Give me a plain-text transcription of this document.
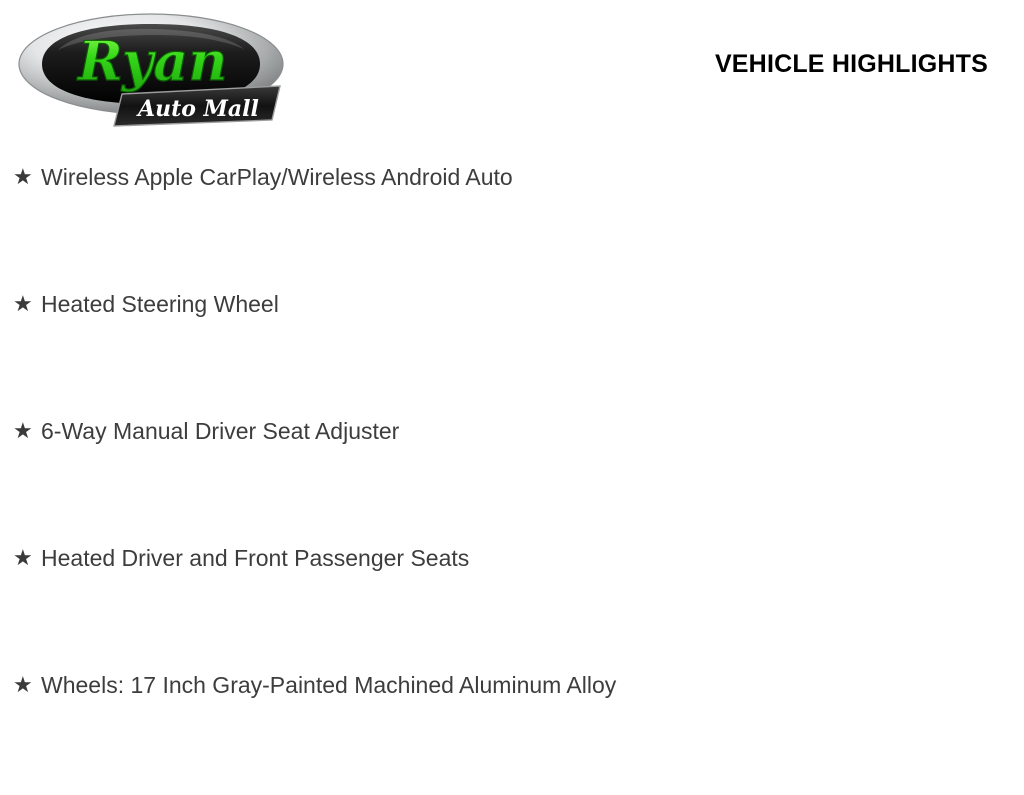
Ryan
Auto Mall
VEHICLE HIGHLIGHTS
★ Wireless Apple CarPlay/Wireless Android Auto
★ Heated Steering Wheel
★ 6-Way Manual Driver Seat Adjuster
★ Heated Driver and Front Passenger Seats
★ Wheels: 17 Inch Gray-Painted Machined Aluminum Alloy
